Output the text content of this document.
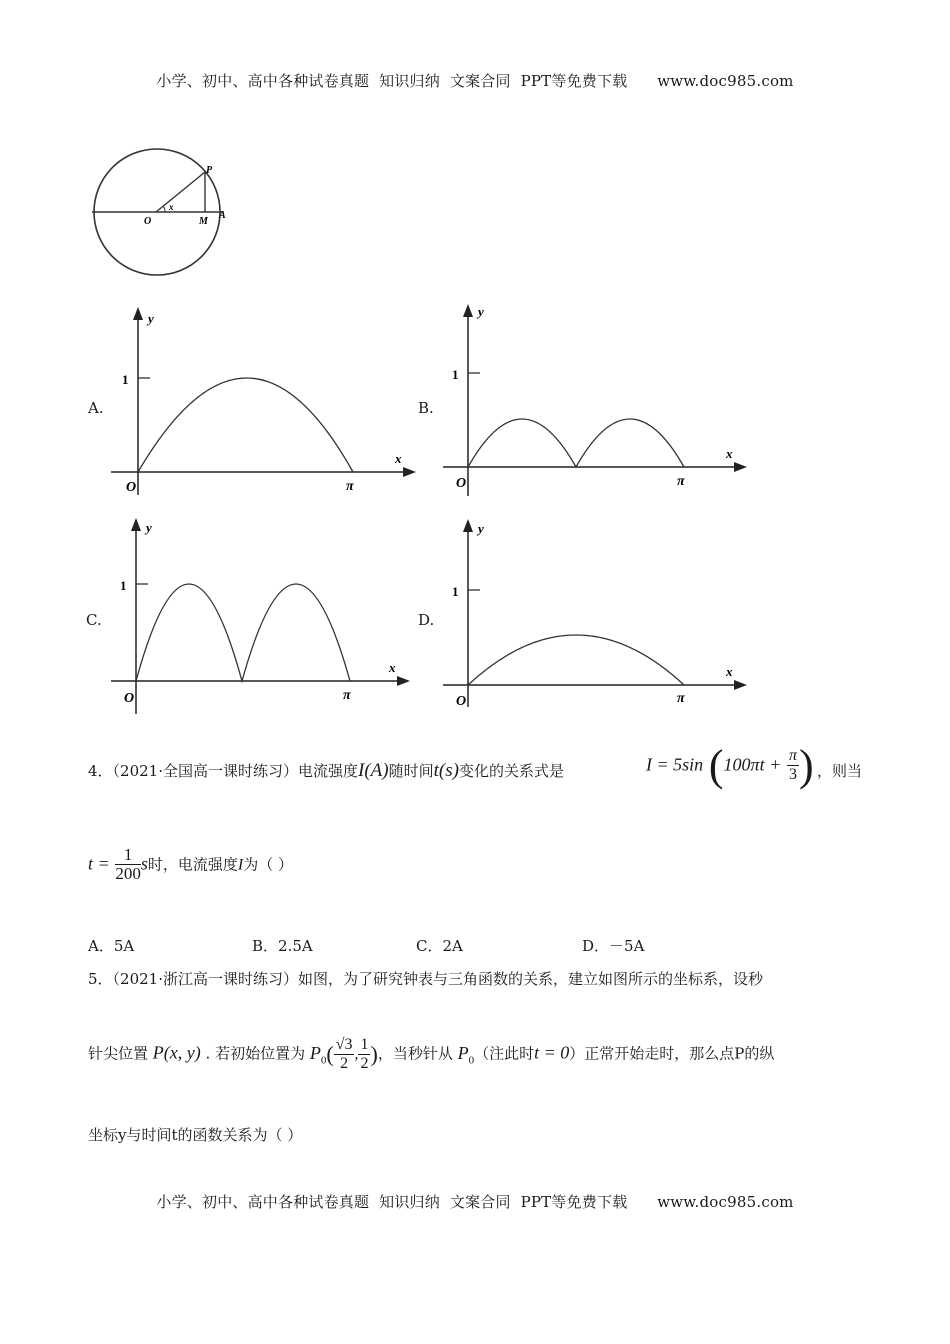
小学、初中、高中各种试卷真题  知识归纳  文案合同  PPT等免费下载      www.doc985.com
P
O
x
M
A
A.
y
x
1
O	π
B.
y
x
1
O	π
C.
y
x
1
O	π
D.
y
x
1
O	π
4．（2021·全国高一课时练习）电流强度I(A)随时间t(s)变化的关系式是	I = 5sin ($100\pi t + \frac{\pi}{3}$ ) ，则当
$t = \frac{1}{200}$ s时，电流强度I为（ ）
A．5A	B．2.5A	C．2A	D．－5A
5．（2021·浙江高一课时练习）如图，为了研究钟表与三角函数的关系，建立如图所示的坐标系，设秒
针尖位置 P(x, y) . 若初始位置为 $P_0( \frac{√3}{2}$ , $\frac{1}{2}$ )，当秒针从 $P_0$（注此时t = 0）正常开始走时，那么点P的纵
坐标y与时间t的函数关系为（ ）
小学、初中、高中各种试卷真题  知识归纳  文案合同  PPT等免费下载      www.doc985.com
